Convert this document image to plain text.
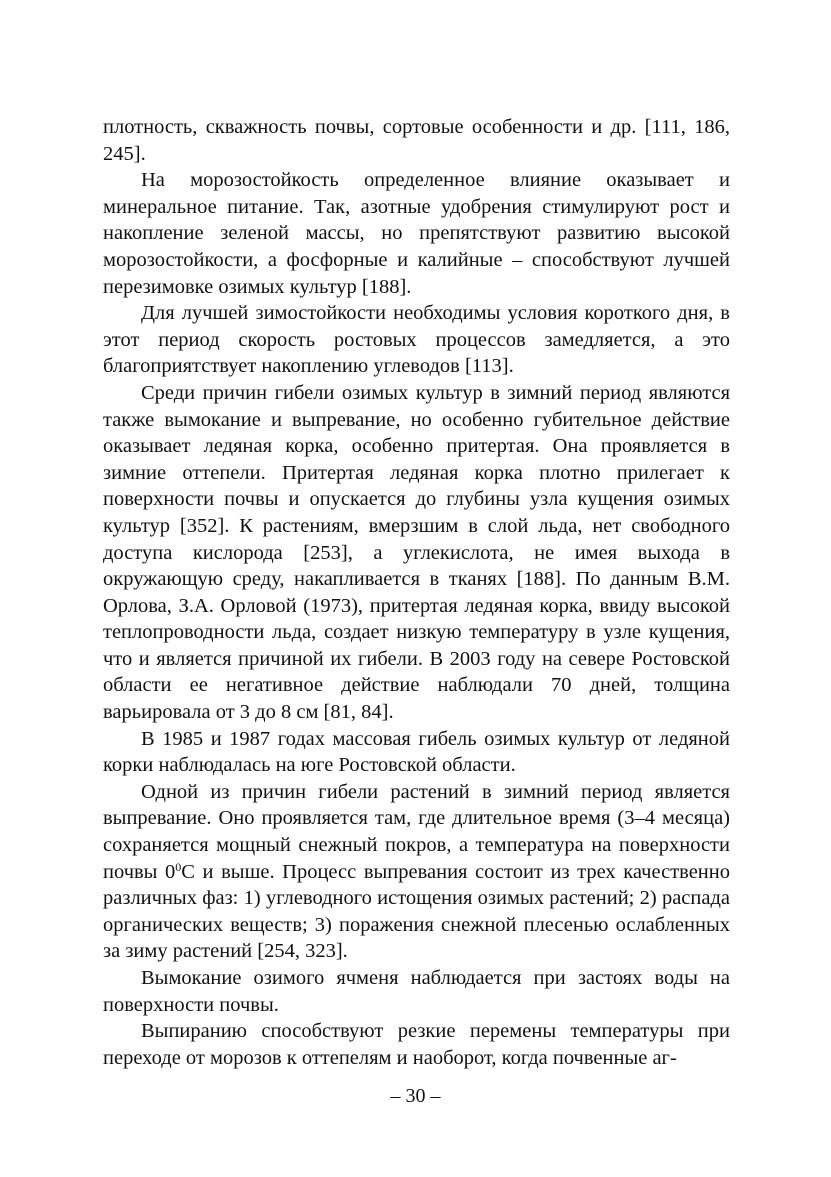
плотность, скважность почвы, сортовые особенности и др. [111, 186, 245].

На морозостойкость определенное влияние оказывает и минеральное питание. Так, азотные удобрения стимулируют рост и накопление зеленой массы, но препятствуют развитию высокой морозостойкости, а фосфорные и калийные – способствуют лучшей перезимовке озимых культур [188].

Для лучшей зимостойкости необходимы условия короткого дня, в этот период скорость ростовых процессов замедляется, а это благоприятствует накоплению углеводов [113].

Среди причин гибели озимых культур в зимний период являются также вымокание и выпревание, но особенно губительное действие оказывает ледяная корка, особенно притертая. Она проявляется в зимние оттепели. Притертая ледяная корка плотно прилегает к поверхности почвы и опускается до глубины узла кущения озимых культур [352]. К растениям, вмерзшим в слой льда, нет свободного доступа кислорода [253], а углекислота, не имея выхода в окружающую среду, накапливается в тканях [188]. По данным В.М. Орлова, З.А. Орловой (1973), притертая ледяная корка, ввиду высокой теплопроводности льда, создает низкую температуру в узле кущения, что и является причиной их гибели. В 2003 году на севере Ростовской области ее негативное действие наблюдали 70 дней, толщина варьировала от 3 до 8 см [81, 84].

В 1985 и 1987 годах массовая гибель озимых культур от ледяной корки наблюдалась на юге Ростовской области.

Одной из причин гибели растений в зимний период является выпревание. Оно проявляется там, где длительное время (3–4 месяца) сохраняется мощный снежный покров, а температура на поверхности почвы $0^0С$ и выше. Процесс выпревания состоит из трех качественно различных фаз: 1) углеводного истощения озимых растений; 2) распада органических веществ; 3) поражения снежной плесенью ослабленных за зиму растений [254, 323].

Вымокание озимого ячменя наблюдается при застоях воды на поверхности почвы.

Выпиранию способствуют резкие перемены температуры при переходе от морозов к оттепелям и наоборот, когда почвенные аг-

– 30 –
